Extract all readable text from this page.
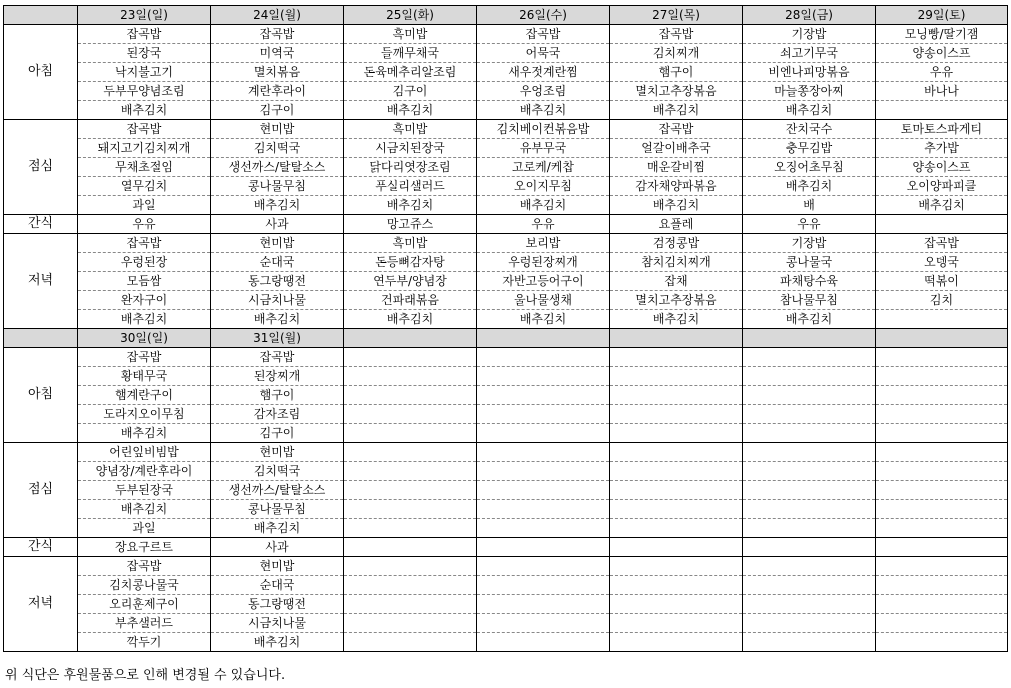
	23일(일)	24일(월)	25일(화)	26일(수)	27일(목)	28일(금)	29일(토)
아침	잡곡밥	잡곡밥	흑미밥	잡곡밥	잡곡밥	기장밥	모닝빵/딸기잼
	된장국	미역국	들깨무채국	어묵국	김치찌개	쇠고기무국	양송이스프
	낙지불고기	멸치볶음	돈육메추리알조림	새우젓계란찜	햄구이	비엔나피망볶음	우유
	두부무양념조림	계란후라이	김구이	우엉조림	멸치고추장볶음	마늘쫑장아찌	바나나
	배추김치	김구이	배추김치	배추김치	배추김치	배추김치	
점심	잡곡밥	현미밥	흑미밥	김치베이컨볶음밥	잡곡밥	잔치국수	토마토스파게티
	돼지고기김치찌개	김치떡국	시금치된장국	유부무국	얼갈이배추국	충무김밥	추가밥
	무채초절임	생선까스/탈탈소스	닭다리엿장조림	고로케/케찹	매운갈비찜	오징어초무침	양송이스프
	열무김치	콩나물무침	푸실리샐러드	오이지무침	감자채양파볶음	배추김치	오이양파피클
	과일	배추김치	배추김치	배추김치	배추김치	배	배추김치
간식	우유	사과	망고쥬스	우유	요플레	우유	
저녁	잡곡밥	현미밥	흑미밥	보리밥	검정콩밥	기장밥	잡곡밥
	우렁된장	순대국	돈등뼈감자탕	우렁된장찌개	참치김치찌개	콩나물국	오뎅국
	모듬쌈	동그랑땡전	연두부/양념장	자반고등어구이	잡채	파채탕수육	떡볶이
	완자구이	시금치나물	건파래볶음	울나물생채	멸치고추장볶음	참나물무침	김치
	배추김치	배추김치	배추김치	배추김치	배추김치	배추김치	
	30일(일)	31일(월)					
아침	잡곡밥	잡곡밥					
	황태무국	된장찌개					
	햄계란구이	햄구이					
	도라지오이무침	감자조림					
	배추김치	김구이					
점심	어린잎비빔밥	현미밥					
	양념장/계란후라이	김치떡국					
	두부된장국	생선까스/탈탈소스					
	배추김치	콩나물무침					
	과일	배추김치					
간식	장요구르트	사과					
저녁	잡곡밥	현미밥					
	김치콩나물국	순대국					
	오리훈제구이	동그랑땡전					
	부추샐러드	시금치나물					
	깍두기	배추김치					
위 식단은 후원물품으로 인해 변경될 수 있습니다.
